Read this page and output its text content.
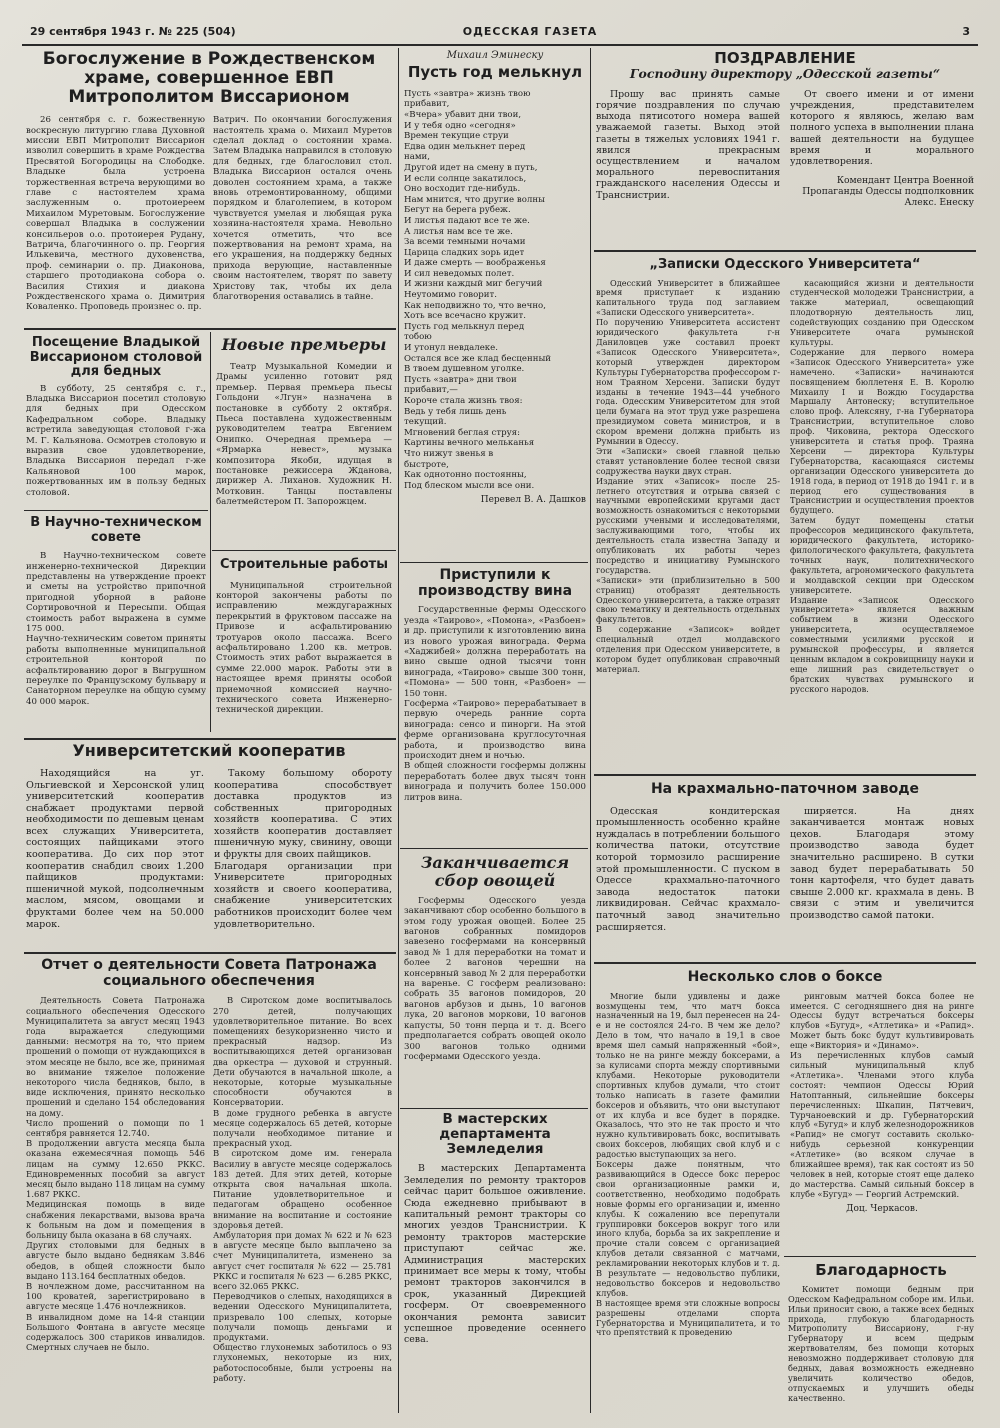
29 сентября 1943 г. № 225 (504)	ОДЕССКАЯ ГАЗЕТА	3
Богослужение в Рождественском храме, совершенное ЕВП Митрополитом Виссарионом

26 сентября с. г. божественную воскресную литургию глава Духовной миссии ЕВП Митрополит Виссарион изволил совершить в храме Рождества Пресвятой Богородицы на Слободке. Владыке была устроена торжественная встреча верующими во главе с настоятелем храма заслуженным о. протоиереем Михаилом Муретовым. Богослужение совершал Владыка в сослужении консильеров о.о. протоиерея Рудану, Ватрича, благочинного о. пр. Георгия Илькевича, местного духовенства, проф. семинарии о. пр. Диаконова, старшего протодиакона собора о. Василия Стихия и диакона Рождественского храма о. Димитрия Коваленко. Проповедь произнес о. пр.

Ватрич. По окончании богослужения настоятель храма о. Михаил Муретов сделал доклад о состоянии храма. Затем Владыка направился в столовую для бедных, где благословил стол. Владыка Виссарион остался очень доволен состоянием храма, а также вновь отремонтированному, общими порядком и благолепием, в котором чувствуется умелая и любящая рука хозяина-настоятеля храма. Невольно хочется отметить, что все пожертвования на ремонт храма, на его украшения, на поддержку бедных прихода верующие, наставленные своим настоятелем, творят по завету Христову так, чтобы их дела благотворения оставались в тайне.

Посещение Владыкой Виссарионом столовой для бедных

В субботу, 25 сентября с. г., Владыка Виссарион посетил столовую для бедных при Одесском Кафедральном соборе. Владыку встретила заведующая столовой г-жа М. Г. Кальянова. Осмотрев столовую и выразив свое удовлетворение, Владыка Виссарион передал г-же Кальяновой 100 марок, пожертвованных им в пользу бедных столовой.

Новые премьеры

Театр Музыкальной Комедии и Драмы усиленно готовит ряд премьер. Первая премьера пьесы Гольдони «Лгун» назначена в постановке в субботу 2 октября. Пьеса поставлена художественным руководителем театра Евгением Онипко. Очередная премьера — «Ярмарка невест», музыка композитора Якоби, идущая в постановке режиссера Жданова, дирижер А. Лиханов. Художник Н. Мотковин. Танцы поставлены балетмейстером П. Запорожцем.

В Научно-техническом совете

В Научно-техническом совете инженерно-технической Дирекции представлены на утверждение проект и сметы на устройство припочной пригодной уборной в районе Сортировочной и Пересыпи. Общая стоимость работ выражена в сумме 175 000.
Научно-техническим советом приняты работы выполненные муниципальной строительной конторой по асфальтированию дорог в Выгрушном переулке по Французскому бульвару и Санаторном переулке на общую сумму 40 000 марок.

Строительные работы

Муниципальной строительной конторой закончены работы по исправлению междугаражных перекрытий в фруктовом пассаже на Привозе и асфальтированию тротуаров около пассажа. Всего асфальтировано 1.200 кв. метров. Стоимость этих работ выражается в сумме 22.000 марок. Работы эти в настоящее время приняты особой приемочной комиссией научно-технического совета Инженерно-технической дирекции.

Университетский кооператив

Находящийся на уг. Ольгиевской и Херсонской улиц университетский кооператив снабжает продуктами первой необходимости по дешевым ценам всех служащих Университета, состоящих пайщиками этого кооператива. До сих пор этот кооператив снабдил своих 1.200 пайщиков продуктами: пшеничной мукой, подсолнечным маслом, мясом, овощами и фруктами более чем на 50.000 марок.

Такому большому обороту кооператива способствует доставка продуктов из собственных пригородных хозяйств кооператива. С этих хозяйств кооператив доставляет пшеничную муку, свинину, овощи и фрукты для своих пайщиков.
Благодаря организации при Университете пригородных хозяйств и своего кооператива, снабжение университетских работников происходит более чем удовлетворительно.

Отчет о деятельности Совета Патронажа социального обеспечения

Деятельность Совета Патронажа социального обеспечения Одесского Муниципалитета за август месяц 1943 года выражается следующими данными: несмотря на то, что прием прошений о помощи от нуждающихся в этом месяце не было, все же, принимая во внимание тяжелое положение некоторого числа бедняков, было, в виде исключения, принято несколько прошений и сделано 154 обследования на дому.
Число прошений о помощи по 1 сентября равняется 12.740.
В продолжении августа месяца была оказана ежемесячная помощь 546 лицам на сумму 12.650 РККС. Единовременных пособий за август месяц было выдано 118 лицам на сумму 1.687 РККС.
Медицинская помощь в виде снабжения лекарствами, вызова врача к больным на дом и помещения в больницу была оказана в 68 случаях.
Других столовыми для бедных в августе было выдано беднякам 3.846 обедов, в общей сложности было выдано 113.164 бесплатных обедов.
В ночлежном доме, рассчитанном на 100 кроватей, зарегистрировано в августе месяце 1.476 ночлежников.
В инвалидном доме на 14-й станции Большого Фонтана в августе месяце содержалось 300 стариков инвалидов. Смертных случаев не было.

В Сиротском доме воспитывалось 270 детей, получающих удовлетворительное питание. Во всех помещениях безукоризненно чисто и прекрасный надзор. Из воспитывающихся детей организован два оркестра — духовой и струнный. Дети обучаются в начальной школе, а некоторые, которые музыкальные способности обучаются в Консерватории.
В доме грудного ребенка в августе месяце содержалось 65 детей, которые получали необходимое питание и прекрасный уход.
В сиротском доме им. генерала Василиу в августе месяце содержалось 183 детей. Для этих детей, которые открыта своя начальная школа. Питание удовлетворительное и педагогам обращено особенное внимание на воспитание и состояние здоровья детей.
Амбулатория при домах № 622 и № 623 в августе месяце было выплачено за счет Муниципалитета, изменено за август счет госпиталя № 622 — 25.781 РККС и госпиталя № 623 — 6.285 РККС, всего 32.065 РККС.
Переводчиков о слепых, находящихся в ведении Одесского Муниципалитета, призревало 100 слепых, которые получали помощь деньгами и продуктами.
Общество глухонемых заботилось о 93 глухонемых, некоторые из них, работоспособные, были устроены на работу.

Михаил Эминеску
Пусть год мелькнул

Пусть «завтра» жизнь твою
прибавит,
«Вчера» убавит дни твои,
И у тебя одно «сегодня»
Времен текущие струи
Едва один мелькнет перед
нами,
Другой идет на смену в путь,
И если солнце закатилось,
Оно восходит где-нибудь.
Нам мнится, что другие волны
Бегут на берега рубеж.
И листья падают все те же.
А листья нам все те же.
За всеми темными ночами
Царица сладких зорь идет
И даже смерть — воображенья
И сил неведомых полет.
И жизни каждый миг бегучий
Неутомимо говорит.
Как неподвижно то, что вечно,
Хоть все всечасно кружит.
Пусть год мелькнул перед
тобою
И утонул невдалеке.
Остался все же клад бесценный
В твоем душевном уголке.
Пусть «завтра» дни твои
прибавит,—
Короче стала жизнь твоя:
Ведь у тебя лишь день
текущий.
Мгновений беглая струя:
Картины вечного мельканья
Что нижут звенья в
быстроте,
Как однотонно постоянны,
Под блеском мысли все они.

Перевел В. А. Дашков

Приступили к производству вина

Государственные фермы Одесского уезда «Таирово», «Помона», «Разбоен» и др. приступили к изготовлению вина из нового урожая винограда. Ферма «Хаджибей» должна переработать на вино свыше одной тысячи тонн винограда, «Таирово» свыше 300 тонн, «Помона» — 500 тонн, «Разбоен» — 150 тонн.
Госферма «Таирово» перерабатывает в первую очередь ранние сорта винограда: сенсо и пинорги. На этой ферме организована круглосуточная работа, и производство вина происходит днем и ночью.
В общей сложности госфермы должны переработать более двух тысяч тонн винограда и получить более 150.000 литров вина.

Заканчивается сбор овощей

Госфермы Одесского уезда заканчивают сбор особенно большого в этом году урожая овощей. Более 25 вагонов собранных помидоров завезено госфермами на консервный завод № 1 для переработки на томат и более 2 вагонов черешни на консервный завод № 2 для переработки на варенье. С госферм реализовано: собрать 35 вагонов помидоров, 20 вагонов арбузов и дынь, 10 вагонов лука, 20 вагонов моркови, 10 вагонов капусты, 50 тонн перца и т. д. Всего предполагается собрать овощей около 300 вагонов только одними госфермами Одесского уезда.

В мастерских департамента Земледелия

В мастерских Департамента Земледелия по ремонту тракторов сейчас царит большое оживление. Сюда ежедневно прибывают в капитальный ремонт тракторы со многих уездов Транснистрии. К ремонту тракторов мастерские приступают сейчас же. Администрация мастерских принимает все меры к тому, чтобы ремонт тракторов закончился в срок, указанный Дирекцией госферм. От своевременного окончания ремонта зависит успешное проведение осеннего сева.

ПОЗДРАВЛЕНИЕ
Господину директору „Одесской газеты“

Прошу вас принять самые горячие поздравления по случаю выхода пятисотого номера вашей уважаемой газеты. Выход этой газеты в тяжелых условиях 1941 г. явился прекрасным осуществлением и началом морального перевоспитания гражданского населения Одессы и Транснистрии.

От своего имени и от имени учреждения, представителем которого я являюсь, желаю вам полного успеха в выполнении плана вашей деятельности на будущее время и морального удовлетворения.

Комендант Центра Военной Пропаганды Одессы подполковник Алекс. Енеску

„Записки Одесского Университета“

Одесский Университет в ближайшее время приступает к изданию капитального труда под заглавием «Записки Одесского университета».
По поручению Университета ассистент юридического факультета г-н Даниловцев уже составил проект «Записок Одесского Университета», который утвержден директором Культуры Губернаторства профессором г-ном Траяном Херсени. Записки будут изданы в течение 1943—44 учебного года. Одесским Университетом для этой цели бумага на этот труд уже разрешена президиумом совета министров, и в скором времени должна прибыть из Румынии в Одессу.
Эти «Записки» своей главной целью ставят установление более тесной связи содружества науки двух стран.
Издание этих «Записок» после 25-летнего отсутствия и отрыва связей с научными европейскими кругами даст возможность ознакомиться с некоторыми русскими учеными и исследователями, заслуживающими того, чтобы их деятельность стала известна Западу и опубликовать их работы через посредство и инициативу Румынского государства.
«Записки» эти (приблизительно в 500 страниц) отобразят деятельность Одесского университета, а также отразят свою тематику и деятельность отдельных факультетов.
В содержание «Записок» войдет специальный отдел молдавского отделения при Одесском университете, в котором будет опубликован справочный материал.

касающийся жизни и деятельности студенческой молодежи Транснистрии, а также материал, освещающий плодотворную деятельность лиц, содействующих созданию при Одесском Университете очага румынской культуры.
Содержание для первого номера «Записок Одесского Университета» уже намечено. «Записки» начинаются посвящением бюллетеня Е. В. Королю Михаилу I и Вождю Государства Маршалу Антонеску; вступительное слово проф. Алексяну, г-на Губернатора Транснистрии, вступительное слово проф. Чиковина, ректора Одесского университета и статья проф. Траяна Херсени — директора Культуры Губернаторства, касающаяся системы организации Одесского университета до 1918 года, в период от 1918 до 1941 г. и в период его существования в Транснистрии и осуществления проектов будущего.
Затем будут помещены статьи профессоров медицинского факультета, юридического факультета, историко-филологического факультета, факультета точных наук, политехнического факультета, агрономического факультета и молдавской секции при Одесском университете.
Издание «Записок Одесского университета» является важным событием в жизни Одесского университета, осуществляемое совместными усилиями русской и румынской профессуры, и является ценным вкладом в сокровищницу науки и еще лишний раз свидетельствует о братских чувствах румынского и русского народов.

На крахмально-паточном заводе

Одесская кондитерская промышленность особенно крайне нуждалась в потреблении большого количества патоки, отсутствие которой тормозило расширение этой промышленности. С пуском в Одессе крахмально-паточного завода недостаток патоки ликвидирован. Сейчас крахмало-паточный завод значительно расширяется.

ширяется. На днях заканчивается монтаж новых цехов. Благодаря этому производство завода будет значительно расширено. В сутки завод будет перерабатывать 50 тонн картофеля, что будет давать свыше 2.000 кг. крахмала в день. В связи с этим и увеличится производство самой патоки.

Несколько слов о боксе

Многие были удивлены и даже возмущены тем, что матч бокса назначенный на 19, был перенесен на 24-е и не состоялся 24-го. В чем же дело? Дело в том, что начало в 19,1 в свое время шел самый напряженный «бой», только не на ринге между боксерами, а за кулисами спорта между спортивными клубами. Некоторые руководители спортивных клубов думали, что стоит только написать в газете фамилии боксеров и объявить, что они выступают от их клуба и все будет в порядке. Оказалось, что это не так просто и что нужно культивировать бокс, воспитывать своих боксеров, любящих свой клуб и с радостью выступающих за него.
Боксеры даже понятным, что развивающийся в Одессе бокс перерос свои организационные рамки и, соответственно, необходимо подобрать новые формы его организации и, именно клубы. К сожалению все перепутали группировки боксеров вокруг того или иного клуба, борьба за их закрепление и прочие стали совсем с организацией клубов детали связанной с матчами, рекламировании некоторых клубов и т. д. В результате — недовольство публики, недовольство боксеров и недовольство клубов.
В настоящее время эти сложные вопросы разрешены отделами спорта Губернаторства и Муниципалитета, и то что препятствий к проведению

ринговым матчей бокса более не имеется. С сегодняшнего дня на ринге Одессы будут встречаться боксеры клубов «Бугуд», «Атлетика» и «Рапид». Может быть бокс будут культивировать еще «Виктория» и «Динамо».
Из перечисленных клубов самый сильный муниципальный клуб «Атлетика». Членами этого клуба состоят: чемпион Одессы Юрий Натоптанный, сильнейшие боксеры перечисленных: Шкапин, Пятчевич, Турчаноевский и др. Губернаторский клуб «Бугуд» и клуб железнодорожников «Рапид» не смогут составить сколько-нибудь серьезной конкуренции «Атлетике» (во всяком случае в ближайшее время), так как состоят из 50 человек в ней, которые стоят еще далеко до мастерства. Самый сильный боксер в клубе «Бугуд» — Георгий Астремский.

Доц. Черкасов.

Благодарность

Комитет помощи бедным при Одесском Кафедральном соборе им. Ильи. Ильи приносит свою, а также всех бедных прихода, глубокую благодарность Митрополиту Виссариону, г-ну Губернатору и всем щедрым жертвователям, без помощи которых невозможно поддерживает столовую для бедных, давая возможность ежедневно увеличить количество обедов, отпускаемых и улучшить обеды качественно.
